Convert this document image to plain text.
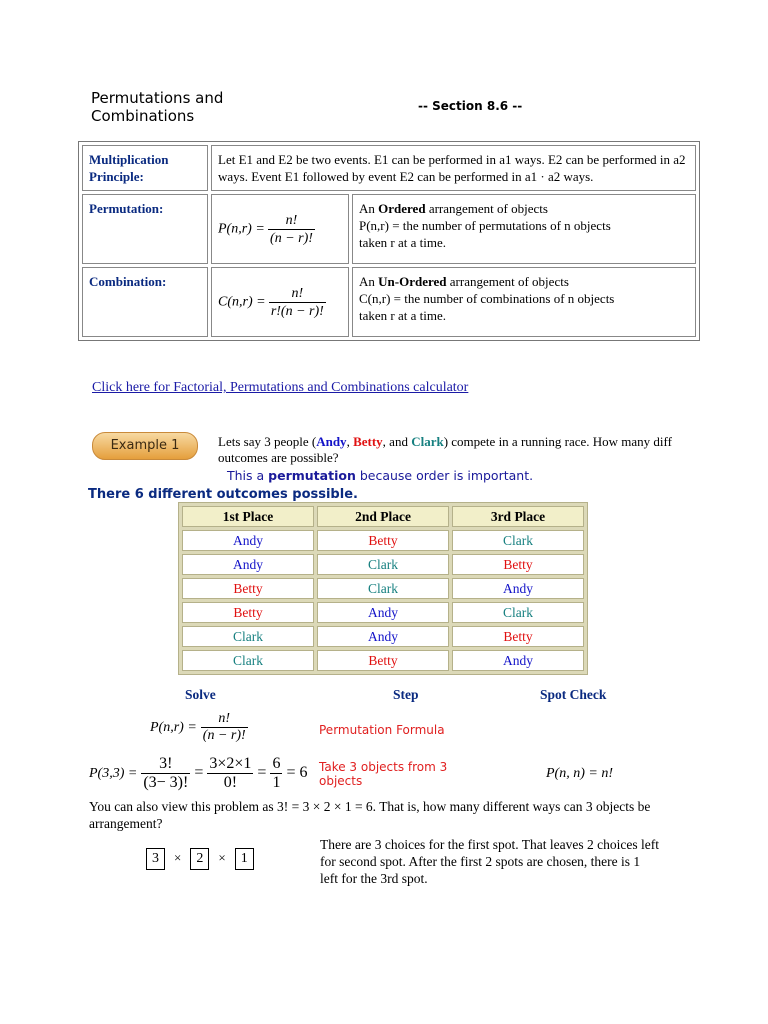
Permutations and
Combinations
-- Section 8.6 --
Multiplication
Principle:	Let E1 and E2 be two events. E1 can be performed in a1 ways. E2 can be performed in a2 ways. Event E1 followed by event E2 can be performed in a1 · a2 ways.	
Permutation:	$P(n,r) = \frac{n!}{(n - r)!}$	An Ordered arrangement of objects
P(n,r) = the number of permutations of n objects
taken r at a time.
Combination:	$C(n,r) = \frac{n!}{r!(n - r)!}$	An Un-Ordered arrangement of objects
C(n,r) = the number of combinations of n objects
taken r at a time.
Click here for Factorial, Permutations and Combinations calculator
Example 1	Lets say 3 people (Andy, Betty, and Clark) compete in a running race. How many diff
outcomes are possible?
This a permutation because order is important.
There 6 different outcomes possible.
1st Place	2nd Place	3rd Place
Andy	Betty	Clark
Andy	Clark	Betty
Betty	Clark	Andy
Betty	Andy	Clark
Clark	Andy	Betty
Clark	Betty	Andy
Solve	Step	Spot Check
$P(n,r) = \frac{n!}{(n - r)!}$	Permutation Formula
$P(3,3) = \frac{3!}{(3- 3)!} = \frac{3\times 2\times 1}{0!} = \frac{6}{1} = 6$ Take 3 objects from 3 objects	P(n, n) = n!
You can also view this problem as 3! = 3 × 2 × 1 = 6. That is, how many different ways can 3 objects be arrangement?
3 × 2 × 1
There are 3 choices for the first spot. That leaves 2 choices left for second spot. After the first 2 spots are chosen, there is 1 left for the 3rd spot.
